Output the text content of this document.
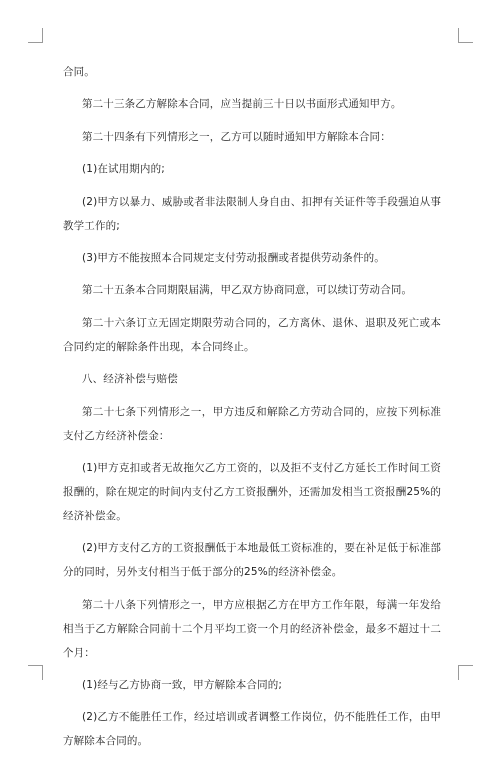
合同。

第二十三条乙方解除本合同，应当提前三十日以书面形式通知甲方。

第二十四条有下列情形之一，乙方可以随时通知甲方解除本合同：

(1)在试用期内的;

(2)甲方以暴力、威胁或者非法限制人身自由、扣押有关证件等手段强迫从事教学工作的;

(3)甲方不能按照本合同规定支付劳动报酬或者提供劳动条件的。

第二十五条本合同期限届满，甲乙双方协商同意，可以续订劳动合同。

第二十六条订立无固定期限劳动合同的，乙方离休、退休、退职及死亡或本合同约定的解除条件出现，本合同终止。

八、经济补偿与赔偿

第二十七条下列情形之一，甲方违反和解除乙方劳动合同的，应按下列标准支付乙方经济补偿金：

(1)甲方克扣或者无故拖欠乙方工资的，以及拒不支付乙方延长工作时间工资报酬的，除在规定的时间内支付乙方工资报酬外，还需加发相当工资报酬25%的经济补偿金。

(2)甲方支付乙方的工资报酬低于本地最低工资标准的，要在补足低于标准部分的同时，另外支付相当于低于部分的25%的经济补偿金。

第二十八条下列情形之一，甲方应根据乙方在甲方工作年限，每满一年发给相当于乙方解除合同前十二个月平均工资一个月的经济补偿金，最多不超过十二个月：

(1)经与乙方协商一致，甲方解除本合同的;

(2)乙方不能胜任工作，经过培训或者调整工作岗位，仍不能胜任工作，由甲方解除本合同的。
